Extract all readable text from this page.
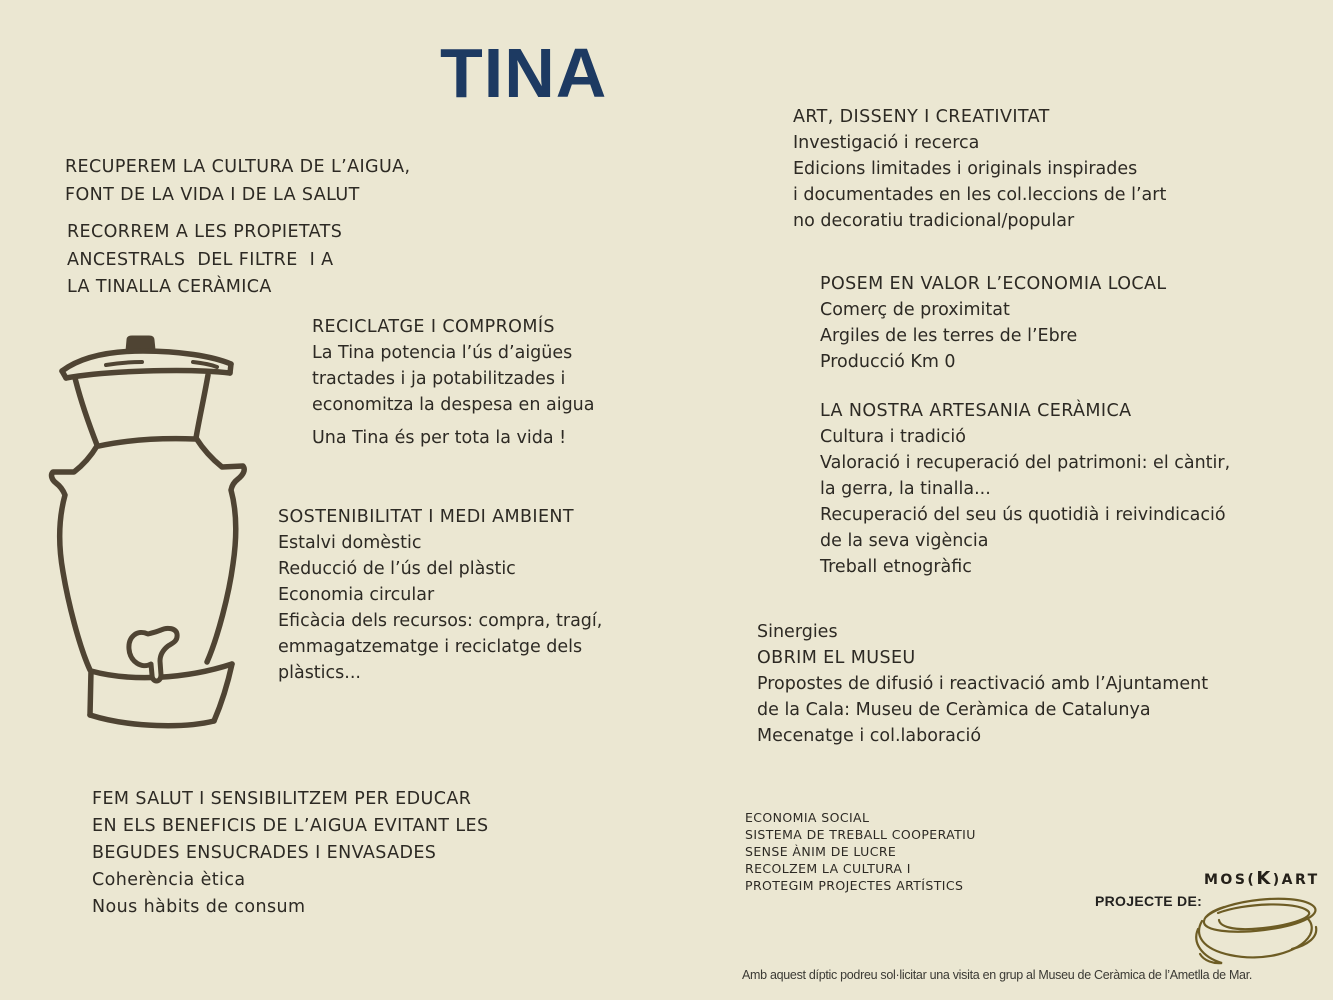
TINA
RECUPEREM LA CULTURA DE L’AIGUA,
FONT DE LA VIDA I DE LA SALUT
RECORREM A LES PROPIETATS
ANCESTRALS  DEL FILTRE  I A
LA TINALLA CERÀMICA
RECICLATGE I COMPROMÍS
La Tina potencia l’ús d’aigües
tractades i ja potabilitzades i
economitza la despesa en aigua
Una Tina és per tota la vida !
SOSTENIBILITAT I MEDI AMBIENT
Estalvi domèstic
Reducció de l’ús del plàstic
Economia circular
Eficàcia dels recursos: compra, tragí,
emmagatzematge i reciclatge dels
plàstics...
FEM SALUT I SENSIBILITZEM PER EDUCAR
EN ELS BENEFICIS DE L’AIGUA EVITANT LES
BEGUDES ENSUCRADES I ENVASADES
Coherència ètica
Nous hàbits de consum
ART, DISSENY I CREATIVITAT
Investigació i recerca
Edicions limitades i originals inspirades
i documentades en les col.leccions de l’art
no decoratiu tradicional/popular
POSEM EN VALOR L’ECONOMIA LOCAL
Comerç de proximitat
Argiles de les terres de l’Ebre
Producció Km 0
LA NOSTRA ARTESANIA CERÀMICA
Cultura i tradició
Valoració i recuperació del patrimoni: el càntir,
la gerra, la tinalla...
Recuperació del seu ús quotidià i reivindicació
de la seva vigència
Treball etnogràfic
Sinergies
OBRIM EL MUSEU
Propostes de difusió i reactivació amb l’Ajuntament
de la Cala: Museu de Ceràmica de Catalunya
Mecenatge i col.laboració
ECONOMIA SOCIAL
SISTEMA DE TREBALL COOPERATIU
SENSE ÀNIM DE LUCRE
RECOLZEM LA CULTURA I
PROTEGIM PROJECTES ARTÍSTICS
PROJECTE DE:
MOS(K)ART
Amb aquest díptic podreu sol·licitar una visita en grup al Museu de Ceràmica de l’Ametlla de Mar.
